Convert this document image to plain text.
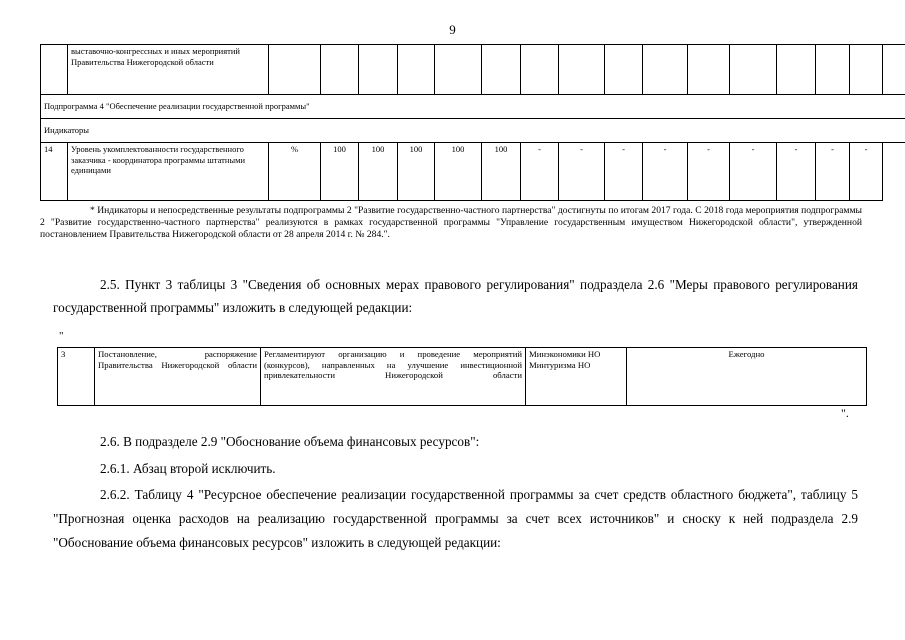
9
	выставочно-конгрессных и иных мероприятий Правительства Нижегородской области																
Подпрограмма 4 "Обеспечение реализации государственной программы"																	
Индикаторы																	
14	Уровень укомплектованности государственного заказчика - координатора программы штатными единицами	%	100	100	100	100	100	-	-	-	-	-	-	-	-	-	
* Индикаторы и непосредственные результаты подпрограммы 2 "Развитие государственно-частного партнерства" достигнуты по итогам 2017 года. С 2018 года мероприятия подпрограммы 2 "Развитие государственно-частного партнерства" реализуются в рамках государственной программы "Управление государственным имуществом Нижегородской области", утвержденной постановлением Правительства Нижегородской области от 28 апреля 2014 г. № 284.".
2.5. Пункт 3 таблицы 3 "Сведения об основных мерах правового регулирования" подраздела 2.6 "Меры правового регулирования государственной программы" изложить в следующей редакции:
"
3	Постановление, распоряжение Правительства Нижегородской области	Регламентируют организацию и проведение мероприятий (конкурсов), направленных на улучшение инвестиционной привлекательности Нижегородской области	Минэкономики НО Минтуризма НО	Ежегодно
".
2.6. В подразделе 2.9 "Обоснование объема финансовых ресурсов":
2.6.1. Абзац второй исключить.
2.6.2. Таблицу 4 "Ресурсное обеспечение реализации государственной программы за счет средств областного бюджета", таблицу 5 "Прогнозная оценка расходов на реализацию государственной программы за счет всех источников" и сноску к ней подраздела 2.9 "Обоснование объема финансовых ресурсов" изложить в следующей редакции:
